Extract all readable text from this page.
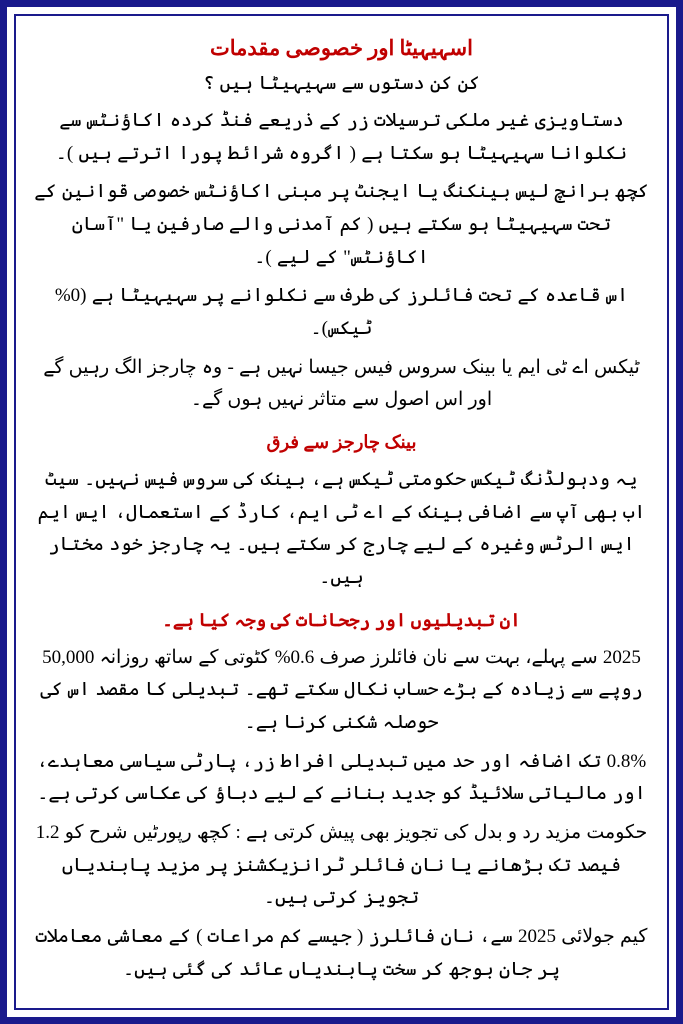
اسہیہیٹا اور خصوصی مقدمات

کن کن دستوں سے سہیہیٹا ہیں ؟

دستاویزی غیر ملکی ترسیلات زر کے ذریعے فنڈ کردہ اکاؤنٹس سے نکلوانا سہیہیٹا ہو سکتا ہے ( اگروہ شرائط پورا اترتے ہیں )۔

کچھ برانچ لیس بینکنگ یا ایجنٹ پر مبنی اکاؤنٹس خصوصی قوانین کے تحت سہیہیٹا ہو سکتے ہیں ( کم آمدنی والے صارفین یا "آسان اکاؤنٹس" کے لیے )۔

اس قاعدہ کے تحت فائلرز کی طرف سے نکلوانے پر سہیہیٹا ہے (0% ٹیکس)۔

ٹیکس اے ٹی ایم یا بینک سروس فیس جیسا نہیں ہے - وہ چارجز الگ رہیں گے اور اس اصول سے متاثر نہیں ہوں گے۔

بینک چارجز سے فرق

یہ ودہولڈنگ ٹیکس حکومتی ٹیکس ہے، بینک کی سروس فیس نہیں۔ سیٹ اب بھی آپ سے اضافی بینک کے اے ٹی ایم، کارڈ کے استعمال، ایس ایم ایس الرٹس وغیرہ کے لیے چارج کر سکتے ہیں۔ یہ چارجز خود مختار ہیں۔

ان تبدیلیوں اور رجحانات کی وجہ کیا ہے۔

2025 سے پہلے، بہت سے نان فائلرز صرف 0.6% کٹوتی کے ساتھ روزانہ 50,000 روپے سے زیادہ کے بڑے حساب نکال سکتے تھے۔ تبدیلی کا مقصد اس کی حوصلہ شکنی کرنا ہے۔

0.8% تک اضافہ اور حد میں تبدیلی افراط زر، پارٹی سیاسی معاہدے، اور مالیاتی سلائیڈ کو جدید بنانے کے لیے دباؤ کی عکاسی کرتی ہے۔

حکومت مزید رد و بدل کی تجویز بھی پیش کرتی ہے : کچھ رپورٹیں شرح کو 1.2 فیصد تک بڑھانے یا نان فائلر ٹرانزیکشنز پر مزید پابندیاں تجویز کرتی ہیں۔

کیم جولائی 2025 سے، نان فائلرز ( جیسے کم مراعات ) کے معاشی معاملات پر جان بوجھ کر سخت پابندیاں عائد کی گئی ہیں۔
